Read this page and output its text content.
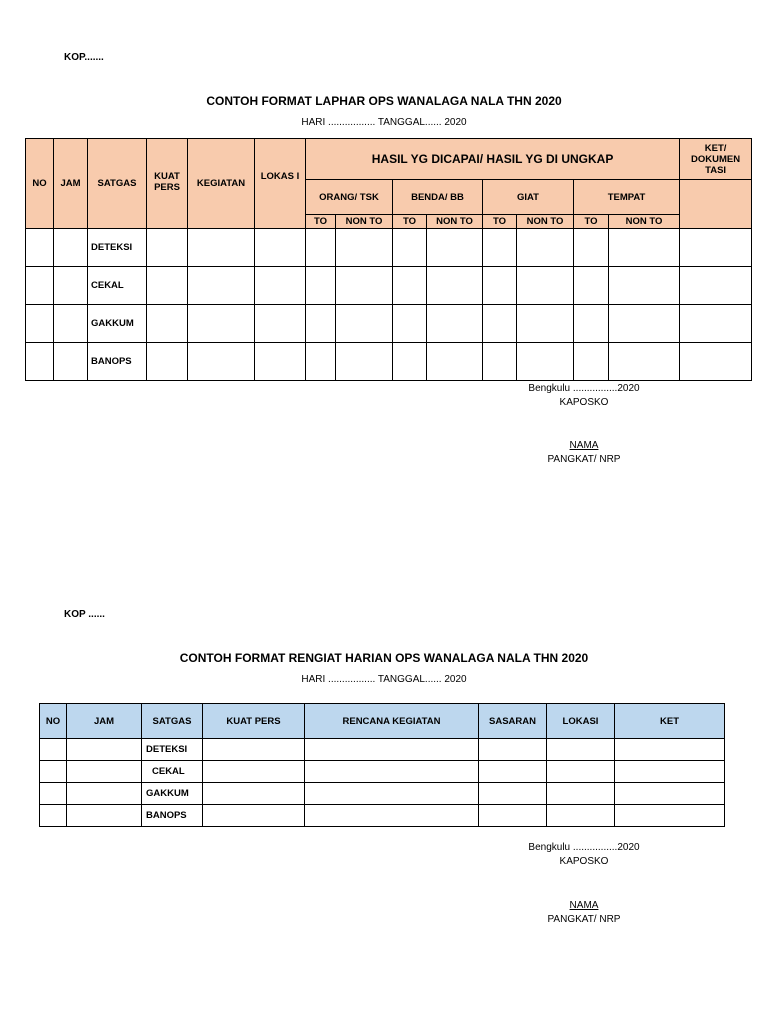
KOP.......
CONTOH FORMAT LAPHAR OPS WANALAGA NALA THN 2020
HARI ................. TANGGAL...... 2020
NO	JAM	SATGAS	KUAT PERS	KEGIATAN	LOKAS I	HASIL YG DICAPAI/ HASIL YG DI UNGKAP								KET/ DOKUMEN TASI
						ORANG/ TSK		BENDA/ BB		GIAT		TEMPAT		
						TO	NON TO	TO	NON TO	TO	NON TO	TO	NON TO	
		DETEKSI												
		CEKAL												
		GAKKUM												
		BANOPS												
Bengkulu ................2020
KAPOSKO
NAMA
PANGKAT/ NRP
KOP ......
CONTOH FORMAT RENGIAT HARIAN OPS WANALAGA NALA THN 2020
HARI ................. TANGGAL...... 2020
NO	JAM	SATGAS	KUAT PERS	RENCANA KEGIATAN	SASARAN	LOKASI	KET
		DETEKSI					
		CEKAL					
		GAKKUM					
		BANOPS					
Bengkulu ................2020
KAPOSKO
NAMA
PANGKAT/ NRP
